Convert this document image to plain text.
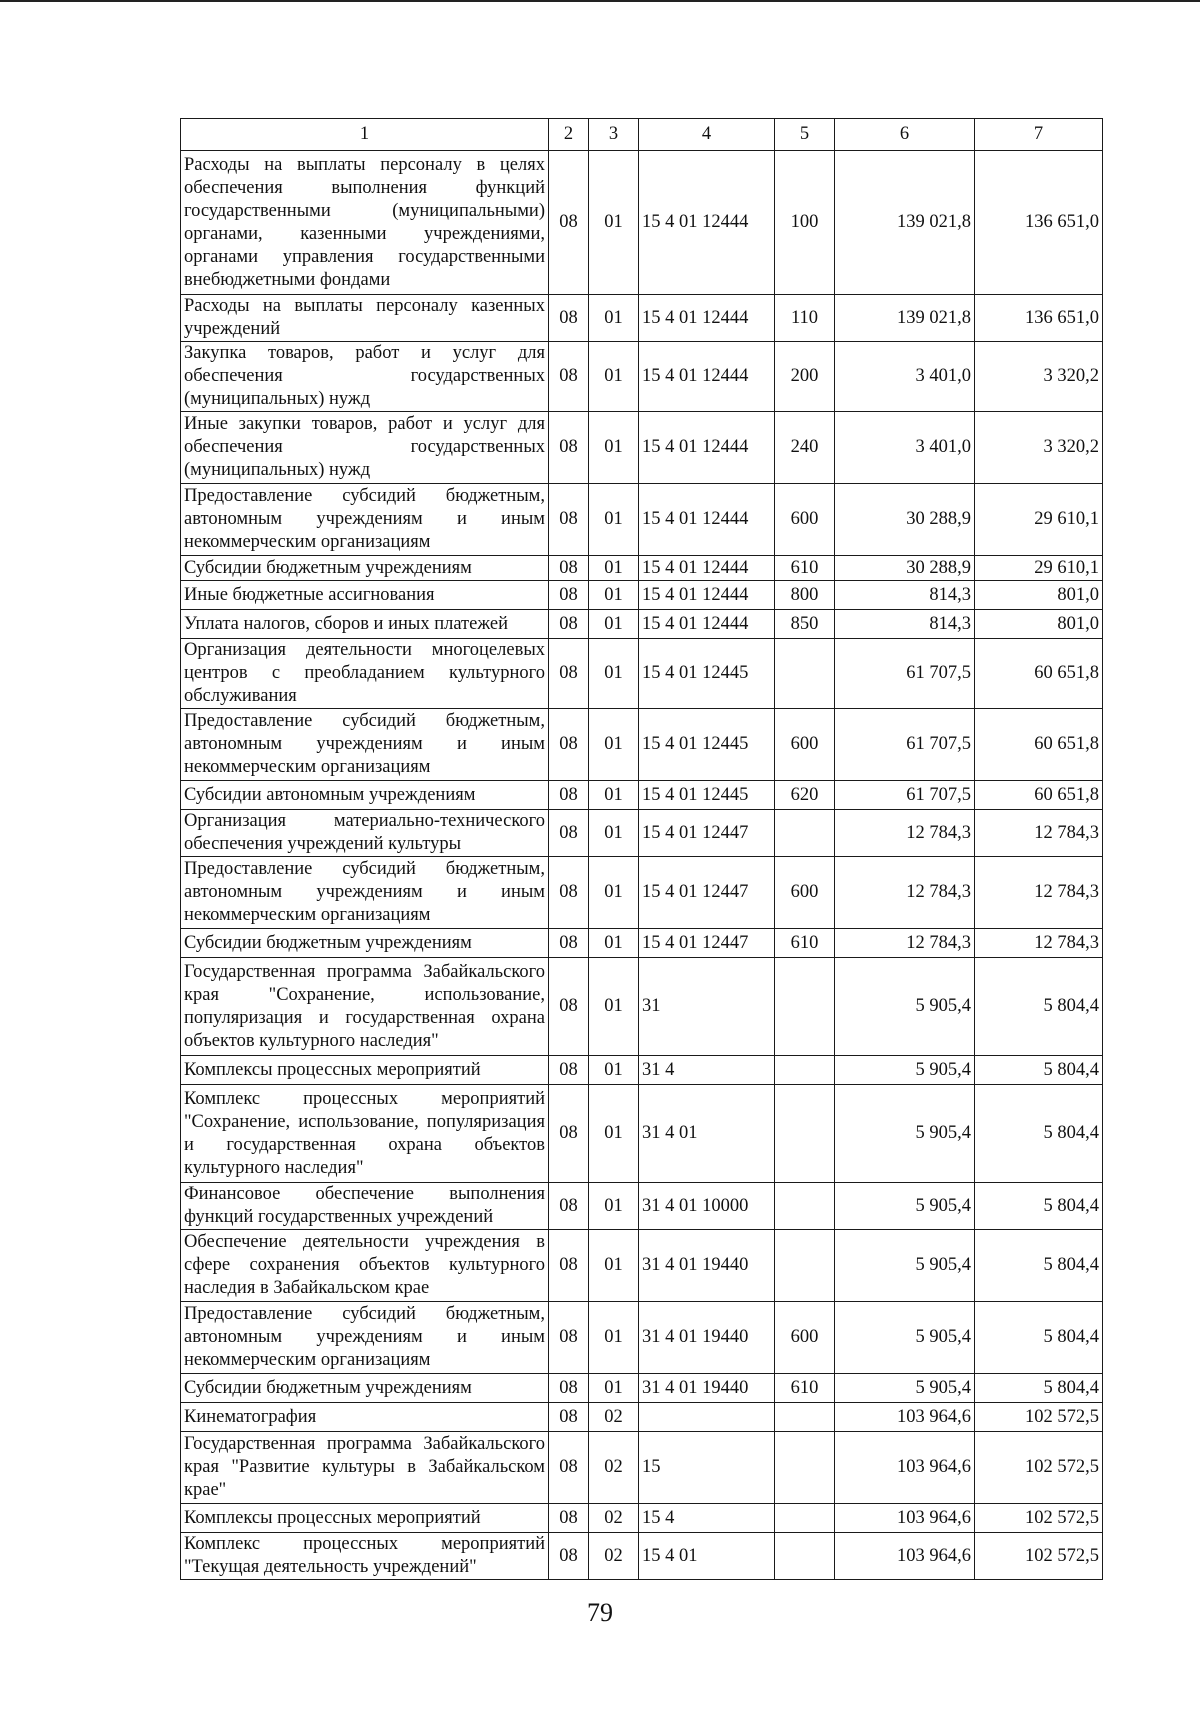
1	2	3	4	5	6	7
Расходы на выплаты персоналу в целях обеспечения выполнения функций государственными (муниципальными) органами, казенными учреждениями, органами управления государственными внебюджетными фондами	08	01	15 4 01 12444	100	139 021,8	136 651,0
Расходы на выплаты персоналу казенных учреждений	08	01	15 4 01 12444	110	139 021,8	136 651,0
Закупка товаров, работ и услуг для обеспечения государственных (муниципальных) нужд	08	01	15 4 01 12444	200	3 401,0	3 320,2
Иные закупки товаров, работ и услуг для обеспечения государственных (муниципальных) нужд	08	01	15 4 01 12444	240	3 401,0	3 320,2
Предоставление субсидий бюджетным, автономным учреждениям и иным некоммерческим организациям	08	01	15 4 01 12444	600	30 288,9	29 610,1
Субсидии бюджетным учреждениям	08	01	15 4 01 12444	610	30 288,9	29 610,1
Иные бюджетные ассигнования	08	01	15 4 01 12444	800	814,3	801,0
Уплата налогов, сборов и иных платежей	08	01	15 4 01 12444	850	814,3	801,0
Организация деятельности многоцелевых центров с преобладанием культурного обслуживания	08	01	15 4 01 12445		61 707,5	60 651,8
Предоставление субсидий бюджетным, автономным учреждениям и иным некоммерческим организациям	08	01	15 4 01 12445	600	61 707,5	60 651,8
Субсидии автономным учреждениям	08	01	15 4 01 12445	620	61 707,5	60 651,8
Организация материально-технического обеспечения учреждений культуры	08	01	15 4 01 12447		12 784,3	12 784,3
Предоставление субсидий бюджетным, автономным учреждениям и иным некоммерческим организациям	08	01	15 4 01 12447	600	12 784,3	12 784,3
Субсидии бюджетным учреждениям	08	01	15 4 01 12447	610	12 784,3	12 784,3
Государственная программа Забайкальского края "Сохранение, использование, популяризация и государственная охрана объектов культурного наследия"	08	01	31		5 905,4	5 804,4
Комплексы процессных мероприятий	08	01	31 4		5 905,4	5 804,4
Комплекс процессных мероприятий "Сохранение, использование, популяризация и государственная охрана объектов культурного наследия"	08	01	31 4 01		5 905,4	5 804,4
Финансовое обеспечение выполнения функций государственных учреждений	08	01	31 4 01 10000		5 905,4	5 804,4
Обеспечение деятельности учреждения в сфере сохранения объектов культурного наследия в Забайкальском крае	08	01	31 4 01 19440		5 905,4	5 804,4
Предоставление субсидий бюджетным, автономным учреждениям и иным некоммерческим организациям	08	01	31 4 01 19440	600	5 905,4	5 804,4
Субсидии бюджетным учреждениям	08	01	31 4 01 19440	610	5 905,4	5 804,4
Кинематография	08	02			103 964,6	102 572,5
Государственная программа Забайкальского края "Развитие культуры в Забайкальском крае"	08	02	15		103 964,6	102 572,5
Комплексы процессных мероприятий	08	02	15 4		103 964,6	102 572,5
Комплекс процессных мероприятий "Текущая деятельность учреждений"	08	02	15 4 01		103 964,6	102 572,5
79
